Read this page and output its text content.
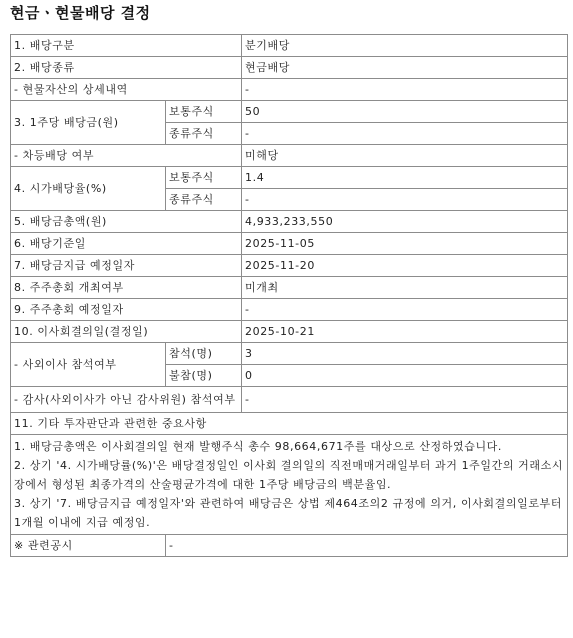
현금ㆍ현물배당 결정
1. 배당구분		분기배당
2. 배당종류		현금배당
- 현물자산의 상세내역		-
3. 1주당 배당금(원)	보통주식	50
	종류주식	-
- 차등배당 여부		미해당
4. 시가배당율(%)	보통주식	1.4
	종류주식	-
5. 배당금총액(원)		4,933,233,550
6. 배당기준일		2025-11-05
7. 배당금지급 예정일자		2025-11-20
8. 주주총회 개최여부		미개최
9. 주주총회 예정일자		-
10. 이사회결의일(결정일)		2025-10-21
- 사외이사 참석여부	참석(명)	3
	불참(명)	0
- 감사(사외이사가 아닌 감사위원) 참석여부		-
11. 기타 투자판단과 관련한 중요사항		

1. 배당금총액은 이사회결의일 현재 발행주식 총수 98,664,671주를 대상으로 산정하였습니다.
2. 상기 '4. 시가배당률(%)'은 배당결정일인 이사회 결의일의 직전매매거래일부터 과거 1주일간의 거래소시장에서 형성된 최종가격의 산술평균가격에 대한 1주당 배당금의 백분율임.
3. 상기 '7. 배당금지급 예정일자'와 관련하여 배당금은 상법 제464조의2 규정에 의거, 이사회결의일로부터 1개월 이내에 지급 예정임.		

※ 관련공시	-	
